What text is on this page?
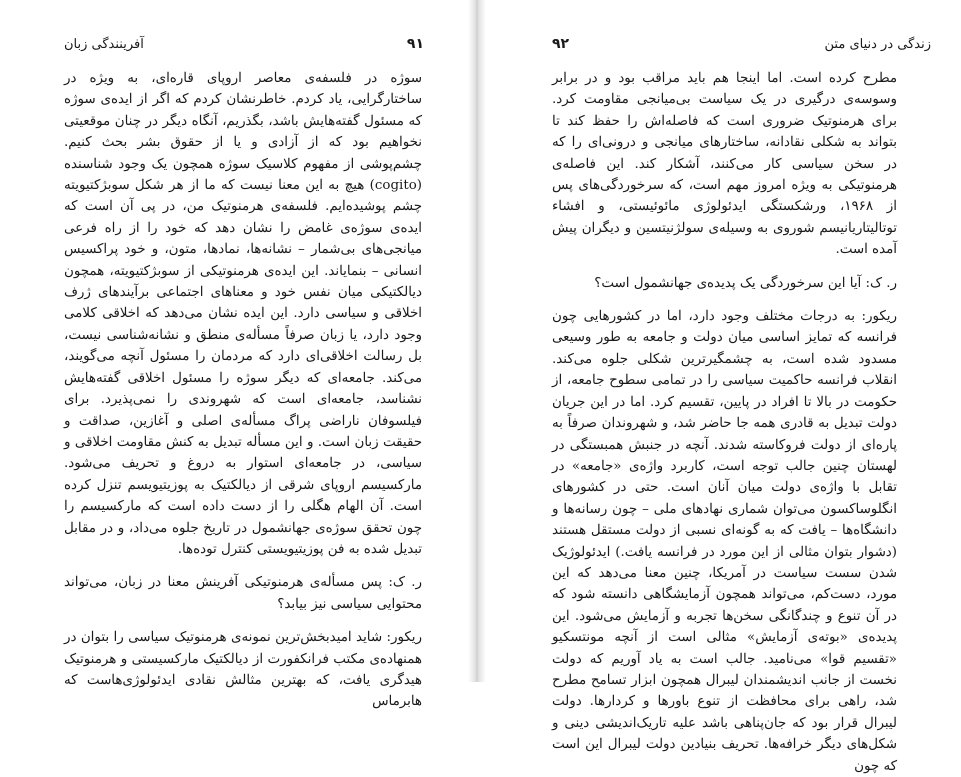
آفرینندگی زبان	۹۱

سوژه در فلسفه‌ی معاصر اروپای قاره‌ای، به ویژه در ساختارگرایی، یاد کردم. خاطرنشان کردم که اگر از ایده‌ی سوژه که مسئول گفته‌هایش باشد، بگذریم، آنگاه دیگر در چنان موقعیتی نخواهیم بود که از آزادی و یا از حقوق بشر بحث کنیم. چشم‌پوشی از مفهوم کلاسیک سوژه همچون یک وجود شناسنده (cogito) هیچ به این معنا نیست که ما از هر شکل سوبژکتیویته چشم پوشیده‌ایم. فلسفه‌ی هرمنوتیک من، در پی آن است که ایده‌ی سوژه‌ی غامض را نشان دهد که خود را از راه فرعی میانجی‌های بی‌شمار – نشانه‌ها، نمادها، متون، و خود پراکسیس انسانی – بنمایاند. این ایده‌ی هرمنوتیکی از سوبژکتیویته، همچون دیالکتیکی میان نفس خود و معناهای اجتماعی برآیندهای ژرف اخلاقی و سیاسی دارد. این ایده نشان می‌دهد که اخلاقی کلامی وجود دارد، یا زبان صرفاً مسأله‌ی منطق و نشانه‌شناسی نیست، بل رسالت اخلاقی‌ای دارد که مردمان را مسئول آنچه می‌گویند، می‌کند. جامعه‌ای که دیگر سوژه را مسئول اخلاقی گفته‌هایش نشناسد، جامعه‌ای است که شهروندی را نمی‌پذیرد. برای فیلسوفان ناراضی پراگ مسأله‌ی اصلی و آغازین، صداقت و حقیقت زبان است. و این مسأله تبدیل به کنش مقاومت اخلاقی و سیاسی، در جامعه‌ای استوار به دروغ و تحریف می‌شود. مارکسیسم اروپای شرقی از دیالکتیک به پوزیتیویسم تنزل کرده است. آن الهام هگلی را از دست داده است که مارکسیسم را چون تحقق سوژه‌ی جهانشمول در تاریخ جلوه می‌داد، و در مقابل تبدیل شده به فن پوزیتیویستی کنترل توده‌ها.

ر. ک: پس مسأله‌ی هرمنوتیکی آفرینش معنا در زبان، می‌تواند محتوایی سیاسی نیز بیابد؟

ریکور: شاید امیدبخش‌ترین نمونه‌ی هرمنوتیک سیاسی را بتوان در همنهاده‌ی مکتب فرانکفورت از دیالکتیک مارکسیستی و هرمنوتیک هیدگری یافت، که بهترین مثالش نقادی ایدئولوژی‌هاست که هابرماس

۹۲	زندگی در دنیای متن

مطرح کرده است. اما اینجا هم باید مراقب بود و در برابر وسوسه‌ی درگیری در یک سیاست بی‌میانجی مقاومت کرد. برای هرمنوتیک ضروری است که فاصله‌اش را حفظ کند تا بتواند به شکلی نقادانه، ساختارهای میانجی و درونی‌ای را که در سخن سیاسی کار می‌کنند، آشکار کند. این فاصله‌ی هرمنوتیکی به ویژه امروز مهم است، که سرخوردگی‌های پس از ۱۹۶۸، ورشکستگی ایدئولوژی مائوئیستی، و افشاء توتالیتاریانیسم شوروی به وسیله‌ی سولژنیتسین و دیگران پیش آمده است.

ر. ک: آیا این سرخوردگی یک پدیده‌ی جهانشمول است؟

ریکور: به درجات مختلف وجود دارد، اما در کشورهایی چون فرانسه که تمایز اساسی میان دولت و جامعه به طور وسیعی مسدود شده است، به چشمگیرترین شکلی جلوه می‌کند. انقلاب فرانسه حاکمیت سیاسی را در تمامی سطوح جامعه، از حکومت در بالا تا افراد در پایین، تقسیم کرد. اما در این جریان دولت تبدیل به قادری همه جا حاضر شد، و شهروندان صرفاً به پاره‌ای از دولت فروکاسته شدند. آنچه در جنبش همبستگی در لهستان چنین جالب توجه است، کاربرد واژه‌ی «جامعه» در تقابل با واژه‌ی دولت میان آنان است. حتی در کشورهای انگلوساکسون می‌توان شماری نهادهای ملی – چون رسانه‌ها و دانشگاه‌ها – یافت که به گونه‌ای نسبی از دولت مستقل هستند (دشوار بتوان مثالی از این مورد در فرانسه یافت.) ایدئولوژیک شدن سست سیاست در آمریکا، چنین معنا می‌دهد که این مورد، دست‌کم، می‌تواند همچون آزمایشگاهی دانسته شود که در آن تنوع و چندگانگی سخن‌ها تجربه و آزمایش می‌شود. این پدیده‌ی «بوته‌ی آزمایش» مثالی است از آنچه مونتسکیو «تقسیم قوا» می‌نامید. جالب است به یاد آوریم که دولت نخست از جانب اندیشمندان لیبرال همچون ابزار تسامح مطرح شد، راهی برای محافظت از تنوع باورها و کردارها. دولت لیبرال قرار بود که جان‌پناهی باشد علیه تاریک‌اندیشی دینی و شکل‌های دیگر خرافه‌ها. تحریف بنیادین دولت لیبرال این است که چون
